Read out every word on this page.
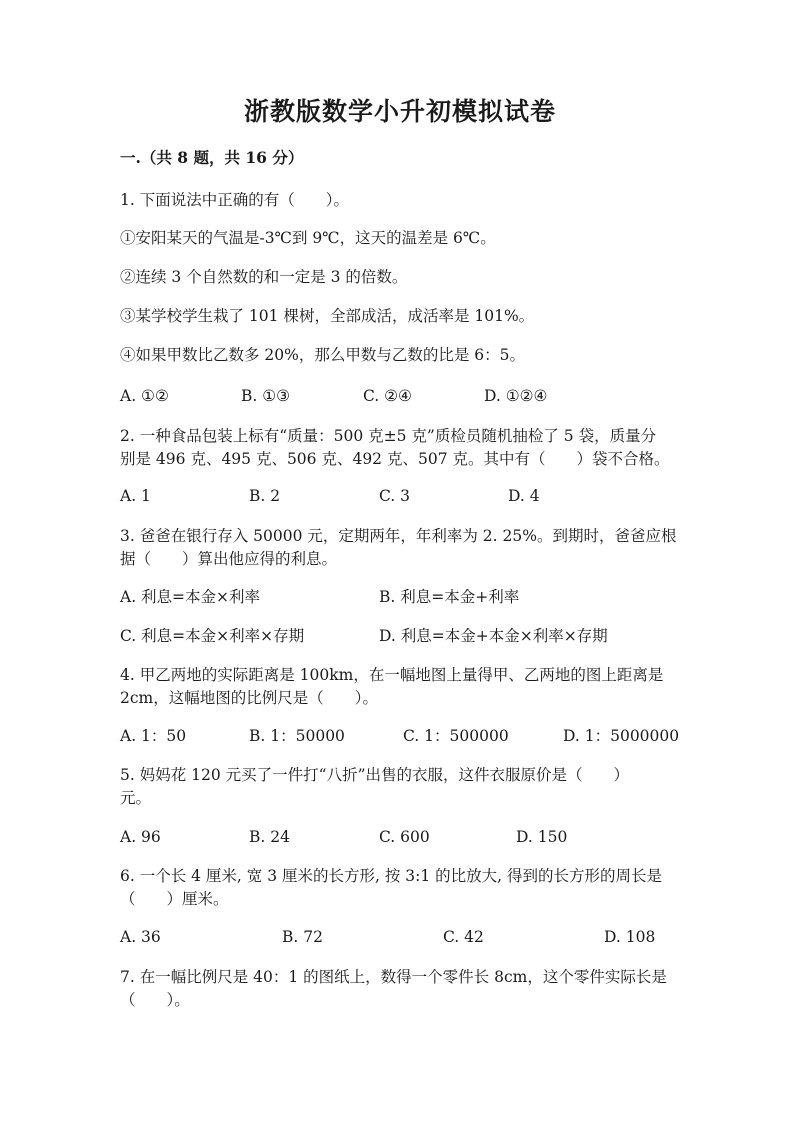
浙教版数学小升初模拟试卷
一.（共 8 题，共 16 分）
1. 下面说法中正确的有（　　）。
①安阳某天的气温是-3℃到 9℃，这天的温差是 6℃。
②连续 3 个自然数的和一定是 3 的倍数。
③某学校学生栽了 101 棵树，全部成活，成活率是 101%。
④如果甲数比乙数多 20%，那么甲数与乙数的比是 6：5。
A. ①②	B. ①③	C. ②④	D. ①②④
2. 一种食品包装上标有“质量：500 克±5 克”质检员随机抽检了 5 袋，质量分
别是 496 克、495 克、506 克、492 克、507 克。其中有（　　）袋不合格。
A. 1	B. 2	C. 3	D. 4
3. 爸爸在银行存入 50000 元，定期两年，年利率为 2. 25%。到期时，爸爸应根
据（　　）算出他应得的利息。
A. 利息=本金×利率	B. 利息=本金+利率
C. 利息=本金×利率×存期	D. 利息=本金+本金×利率×存期
4. 甲乙两地的实际距离是 100km，在一幅地图上量得甲、乙两地的图上距离是
2cm，这幅地图的比例尺是（　　）。
A. 1：50	B. 1：50000	C. 1：500000	D. 1：5000000
5. 妈妈花 120 元买了一件打“八折”出售的衣服，这件衣服原价是（　　）
元。
A. 96	B. 24	C. 600	D. 150
6. 一个长 4 厘米, 宽 3 厘米的长方形, 按 3:1 的比放大, 得到的长方形的周长是
（　　）厘米。
A. 36	B. 72	C. 42	D. 108
7. 在一幅比例尺是 40：1 的图纸上，数得一个零件长 8cm，这个零件实际长是
（　　）。
